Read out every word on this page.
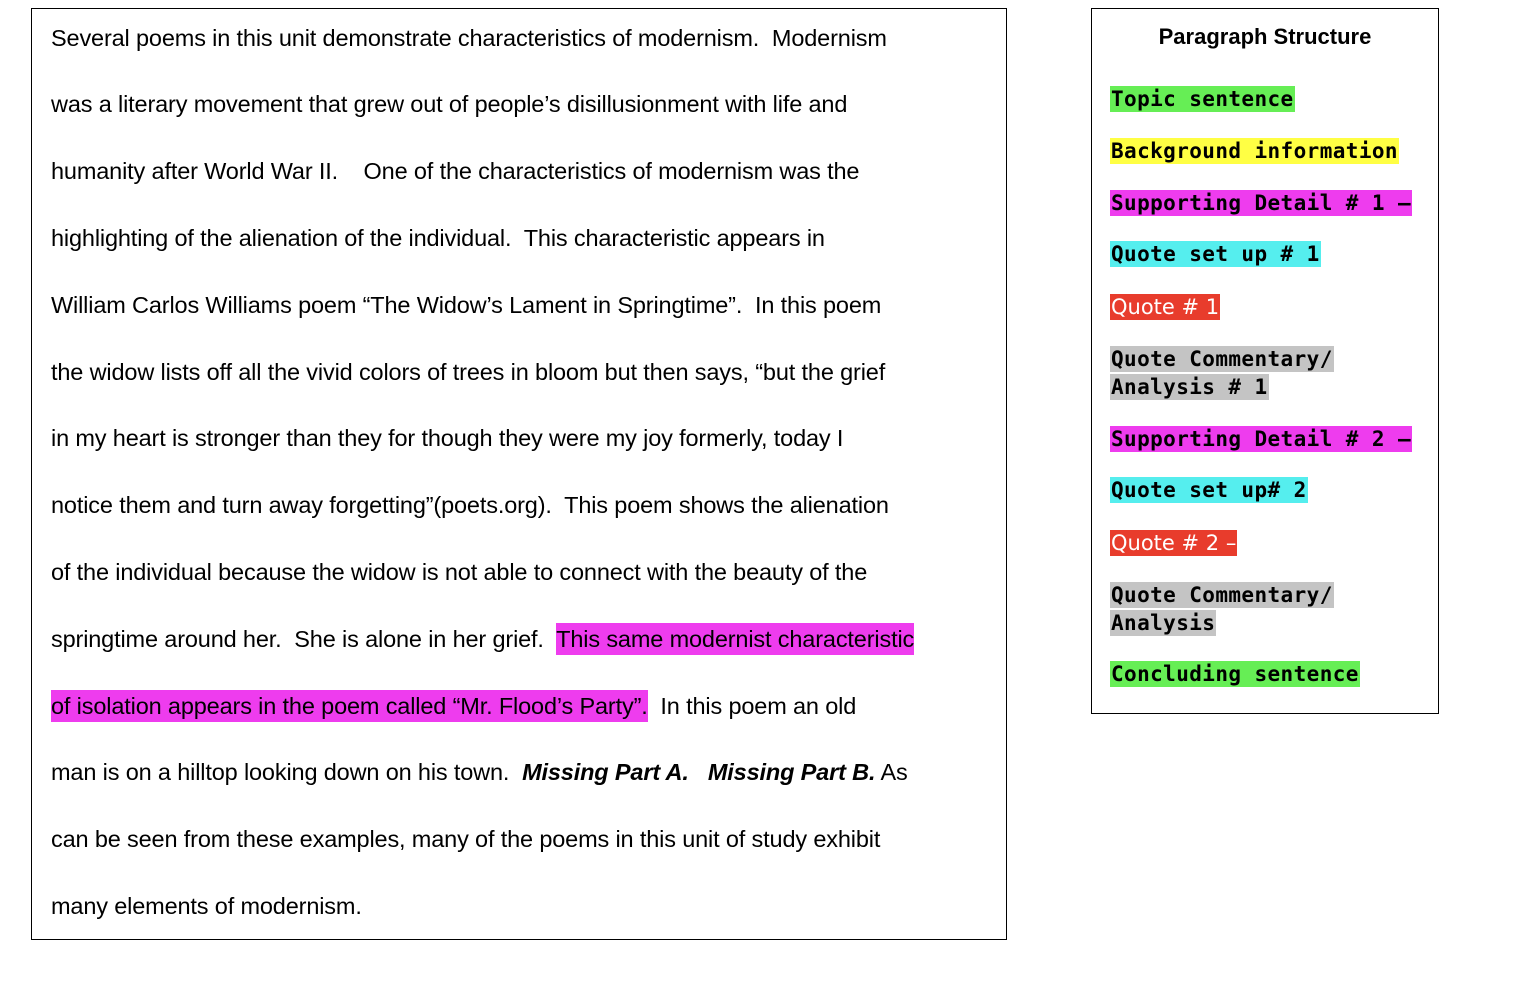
Several poems in this unit demonstrate characteristics of modernism.  Modernism
was a literary movement that grew out of people’s disillusionment with life and
humanity after World War II.    One of the characteristics of modernism was the
highlighting of the alienation of the individual.  This characteristic appears in
William Carlos Williams poem “The Widow’s Lament in Springtime”.  In this poem
the widow lists off all the vivid colors of trees in bloom but then says, “but the grief
in my heart is stronger than they for though they were my joy formerly, today I
notice them and turn away forgetting”(poets.org).  This poem shows the alienation
of the individual because the widow is not able to connect with the beauty of the
springtime around her.  She is alone in her grief.  This same modernist characteristic
of isolation appears in the poem called “Mr. Flood’s Party”.  In this poem an old
man is on a hilltop looking down on his town.  Missing Part A.   Missing Part B. As
can be seen from these examples, many of the poems in this unit of study exhibit
many elements of modernism.
Paragraph Structure
Topic sentence
Background information
Supporting Detail # 1 –
Quote set up # 1
Quote # 1
Quote Commentary/
Analysis # 1
Supporting Detail # 2 –
Quote set up# 2
Quote # 2 –
Quote Commentary/
Analysis
Concluding sentence
